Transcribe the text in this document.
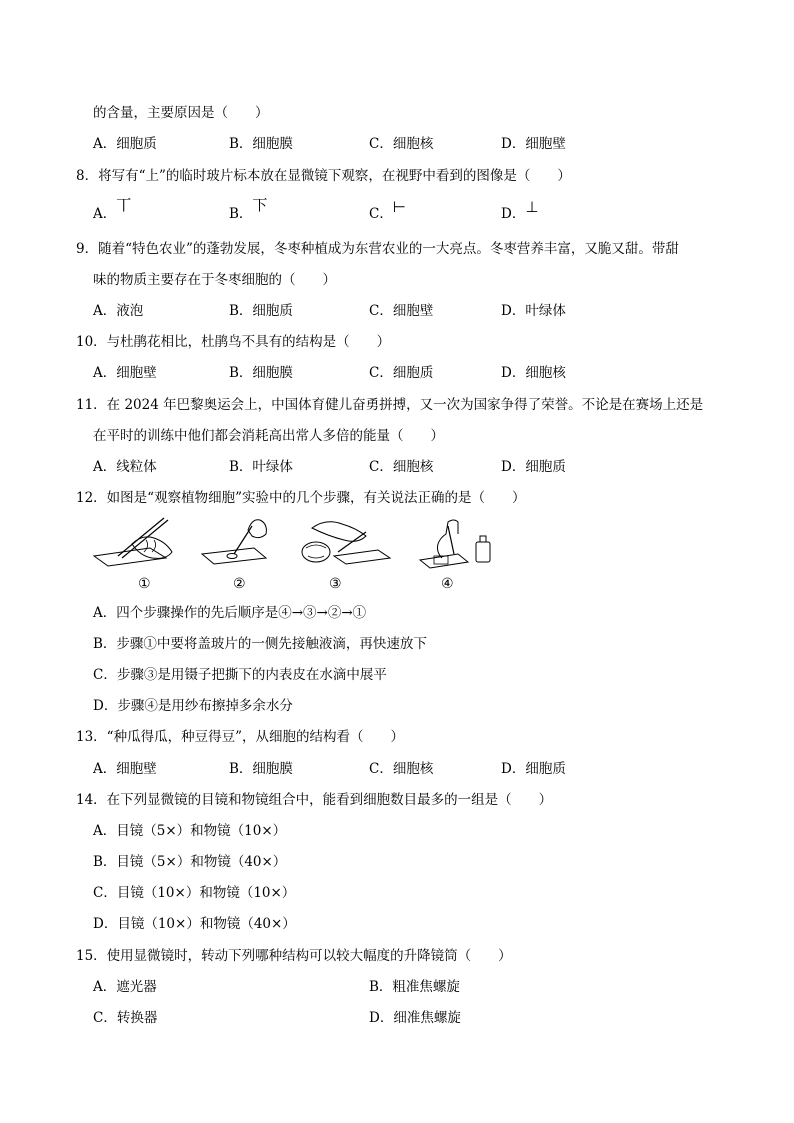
的含量，主要原因是（　　）
A．细胞质	B．细胞膜	C．细胞核	D．细胞壁
8．将写有“上”的临时玻片标本放在显微镜下观察，在视野中看到的图像是（　　）
A．丅	B．下	C．⊢	D．⊥
9．随着“特色农业”的蓬勃发展，冬枣种植成为东营农业的一大亮点。冬枣营养丰富，又脆又甜。带甜
味的物质主要存在于冬枣细胞的（　　）
A．液泡	B．细胞质	C．细胞壁	D．叶绿体
10．与杜鹃花相比，杜鹃鸟不具有的结构是（　　）
A．细胞壁	B．细胞膜	C．细胞质	D．细胞核
11．在 2024 年巴黎奥运会上，中国体育健儿奋勇拼搏，又一次为国家争得了荣誉。不论是在赛场上还是
在平时的训练中他们都会消耗高出常人多倍的能量（　　）
A．线粒体	B．叶绿体	C．细胞核	D．细胞质
12．如图是“观察植物细胞”实验中的几个步骤，有关说法正确的是（　　）
①	②	③	④
A．四个步骤操作的先后顺序是④→③→②→①
B．步骤①中要将盖玻片的一侧先接触液滴，再快速放下
C．步骤③是用镊子把撕下的内表皮在水滴中展平
D．步骤④是用纱布擦掉多余水分
13．“种瓜得瓜，种豆得豆”，从细胞的结构看（　　）
A．细胞壁	B．细胞膜	C．细胞核	D．细胞质
14．在下列显微镜的目镜和物镜组合中，能看到细胞数目最多的一组是（　　）
A．目镜（5×）和物镜（10×）
B．目镜（5×）和物镜（40×）
C．目镜（10×）和物镜（10×）
D．目镜（10×）和物镜（40×）
15．使用显微镜时，转动下列哪种结构可以较大幅度的升降镜筒（　　）
A．遮光器	B．粗准焦螺旋
C．转换器	D．细准焦螺旋
